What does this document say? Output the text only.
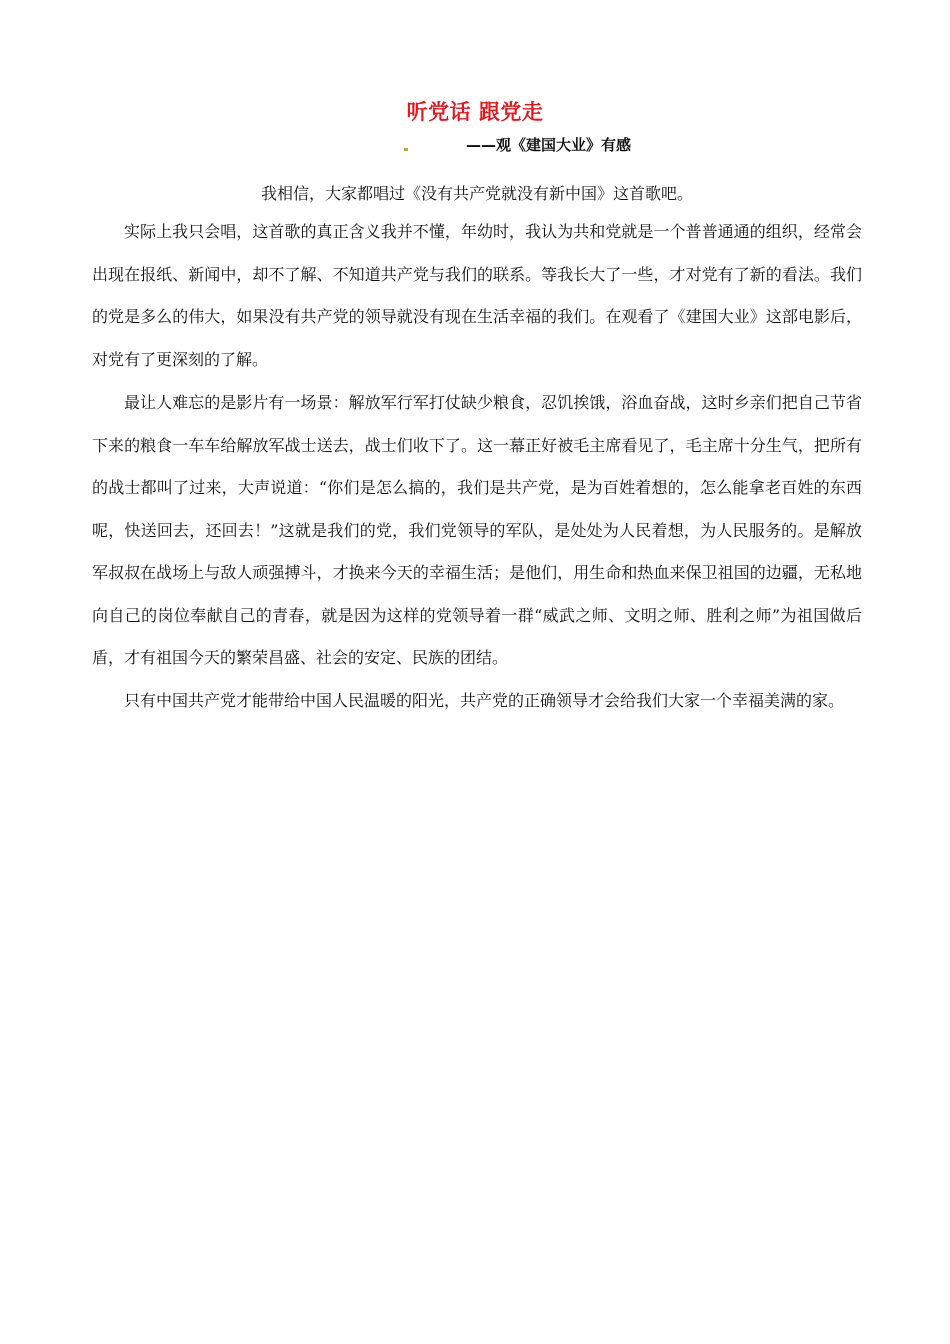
听党话 跟党走
——观《建国大业》有感

我相信，大家都唱过《没有共产党就没有新中国》这首歌吧。

实际上我只会唱，这首歌的真正含义我并不懂，年幼时，我认为共和党就是一个普普通通的组织，经常会出现在报纸、新闻中，却不了解、不知道共产党与我们的联系。等我长大了一些，才对党有了新的看法。我们的党是多么的伟大，如果没有共产党的领导就没有现在生活幸福的我们。在观看了《建国大业》这部电影后，对党有了更深刻的了解。

最让人难忘的是影片有一场景：解放军行军打仗缺少粮食，忍饥挨饿，浴血奋战，这时乡亲们把自己节省下来的粮食一车车给解放军战士送去，战士们收下了。这一幕正好被毛主席看见了，毛主席十分生气，把所有的战士都叫了过来，大声说道：“你们是怎么搞的，我们是共产党，是为百姓着想的，怎么能拿老百姓的东西呢，快送回去，还回去！”这就是我们的党，我们党领导的军队，是处处为人民着想，为人民服务的。是解放军叔叔在战场上与敌人顽强搏斗，才换来今天的幸福生活；是他们，用生命和热血来保卫祖国的边疆，无私地向自己的岗位奉献自己的青春，就是因为这样的党领导着一群“威武之师、文明之师、胜利之师”为祖国做后盾，才有祖国今天的繁荣昌盛、社会的安定、民族的团结。

只有中国共产党才能带给中国人民温暖的阳光，共产党的正确领导才会给我们大家一个幸福美满的家。
